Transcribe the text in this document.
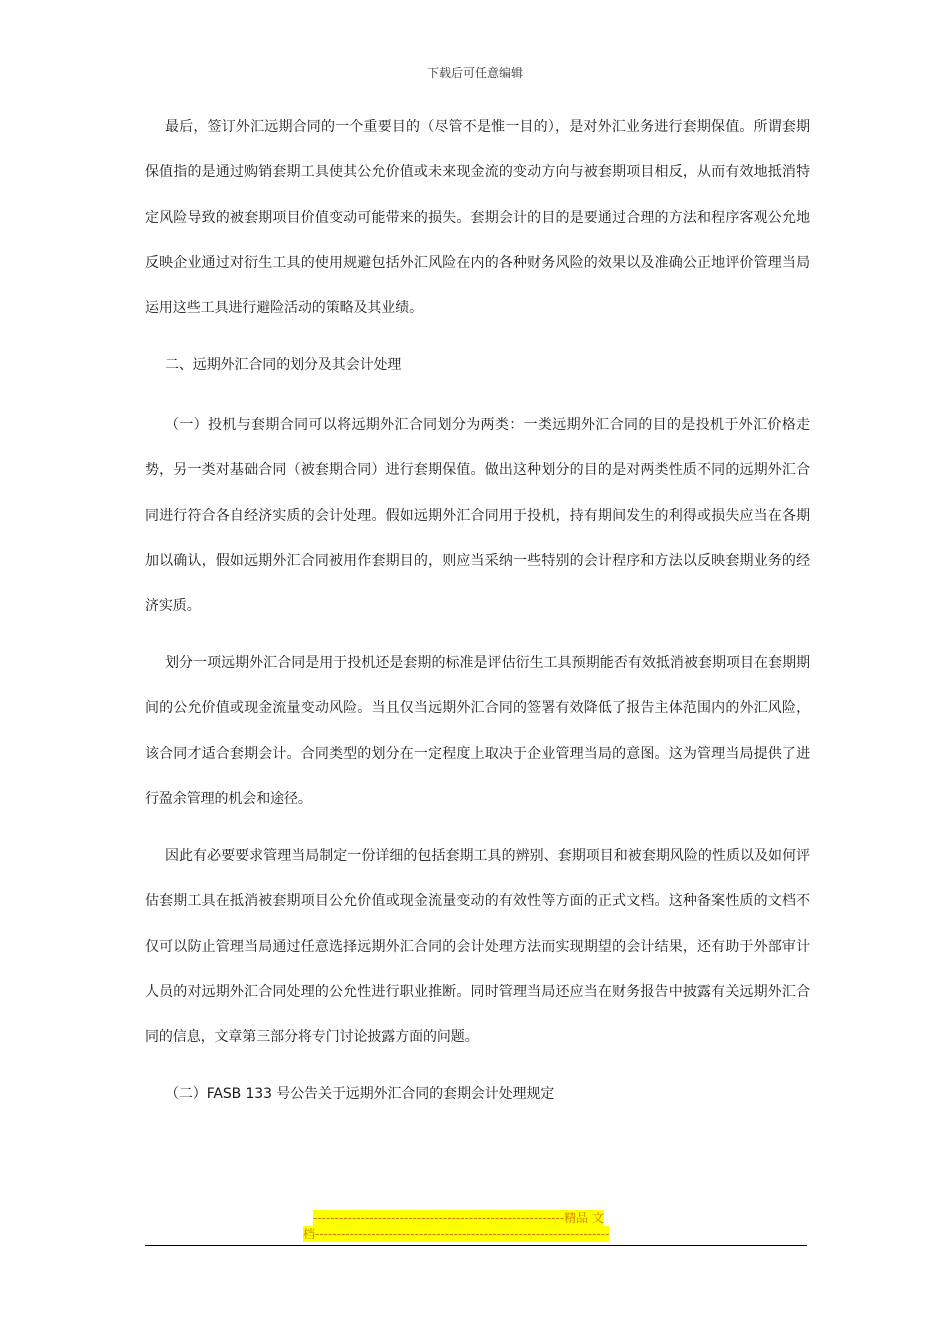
下载后可任意编辑
最后，签订外汇远期合同的一个重要目的（尽管不是惟一目的），是对外汇业务进行套期保值。所谓套期保值指的是通过购销套期工具使其公允价值或未来现金流的变动方向与被套期项目相反，从而有效地抵消特定风险导致的被套期项目价值变动可能带来的损失。套期会计的目的是要通过合理的方法和程序客观公允地反映企业通过对衍生工具的使用规避包括外汇风险在内的各种财务风险的效果以及准确公正地评价管理当局运用这些工具进行避险活动的策略及其业绩。
二、远期外汇合同的划分及其会计处理
（一）投机与套期合同可以将远期外汇合同划分为两类：一类远期外汇合同的目的是投机于外汇价格走势，另一类对基础合同（被套期合同）进行套期保值。做出这种划分的目的是对两类性质不同的远期外汇合同进行符合各自经济实质的会计处理。假如远期外汇合同用于投机，持有期间发生的利得或损失应当在各期加以确认，假如远期外汇合同被用作套期目的，则应当采纳一些特别的会计程序和方法以反映套期业务的经济实质。
划分一项远期外汇合同是用于投机还是套期的标准是评估衍生工具预期能否有效抵消被套期项目在套期期间的公允价值或现金流量变动风险。当且仅当远期外汇合同的签署有效降低了报告主体范围内的外汇风险，该合同才适合套期会计。合同类型的划分在一定程度上取决于企业管理当局的意图。这为管理当局提供了进行盈余管理的机会和途径。
因此有必要要求管理当局制定一份详细的包括套期工具的辨别、套期项目和被套期风险的性质以及如何评估套期工具在抵消被套期项目公允价值或现金流量变动的有效性等方面的正式文档。这种备案性质的文档不仅可以防止管理当局通过任意选择远期外汇合同的会计处理方法而实现期望的会计结果，还有助于外部审计人员的对远期外汇合同处理的公允性进行职业推断。同时管理当局还应当在财务报告中披露有关远期外汇合同的信息，文章第三部分将专门讨论披露方面的问题。
（二）FASB 133 号公告关于远期外汇合同的套期会计处理规定
----------------------------------------------------------精品 文
档--------------------------------------------------------------------
